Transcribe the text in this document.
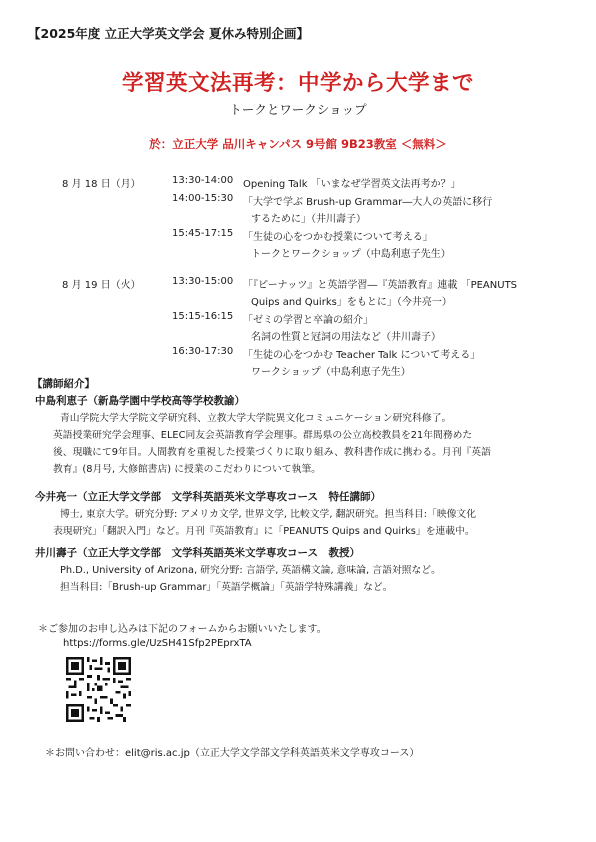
【2025年度 立正大学英文学会 夏休み特別企画】
学習英文法再考：中学から大学まで
トークとワークショップ
於：立正大学 品川キャンパス 9号館 9B23教室 ＜無料＞
8 月 18 日（月）	13:30-14:00 Opening Talk 「いまなぜ学習英文法再考か？」
14:00-15:30 「大学で学ぶ Brush-up Grammar―大人の英語に移行
するために」（井川壽子）
15:45-17:15 「生徒の心をつかむ授業について考える」
トークとワークショップ（中島利恵子先生）
8 月 19 日（火）	13:30-15:00 「『ピーナッツ』と英語学習―『英語教育』連載 「PEANUTS
Quips and Quirks」をもとに」（今井亮一）
15:15-16:15 「ゼミの学習と卒論の紹介」
名詞の性質と冠詞の用法など（井川壽子）
16:30-17:30 「生徒の心をつかむ Teacher Talk について考える」
ワークショップ（中島利恵子先生）
【講師紹介】
中島利恵子（新島学園中学校高等学校教諭）
青山学院大学大学院文学研究科、立教大学大学院異文化コミュニケーション研究科修了。
英語授業研究学会理事、ELEC同友会英語教育学会理事。群馬県の公立高校教員を21年間務めた
後、現職にて9年目。人間教育を重視した授業づくりに取り組み、教科書作成に携わる。月刊『英語
教育』(8月号, 大修館書店) に授業のこだわりについて執筆。
今井亮一（立正大学文学部　文学科英語英米文学専攻コース　特任講師）
博士, 東京大学。研究分野: アメリカ文学, 世界文学, 比較文学, 翻訳研究。担当科目:「映像文化
表現研究」「翻訳入門」など。月刊『英語教育』に「PEANUTS Quips and Quirks」を連載中。
井川壽子（立正大学文学部　文学科英語英米文学専攻コース　教授）
Ph.D., University of Arizona, 研究分野: 言語学, 英語構文論, 意味論, 言語対照など。
担当科目:「Brush-up Grammar」「英語学概論」「英語学特殊講義」など。
＊ご参加のお申し込みは下記のフォームからお願いいたします。
https://forms.gle/UzSH41Sfp2PEprxTA
＊お問い合わせ：elit@ris.ac.jp（立正大学文学部文学科英語英米文学専攻コース）
